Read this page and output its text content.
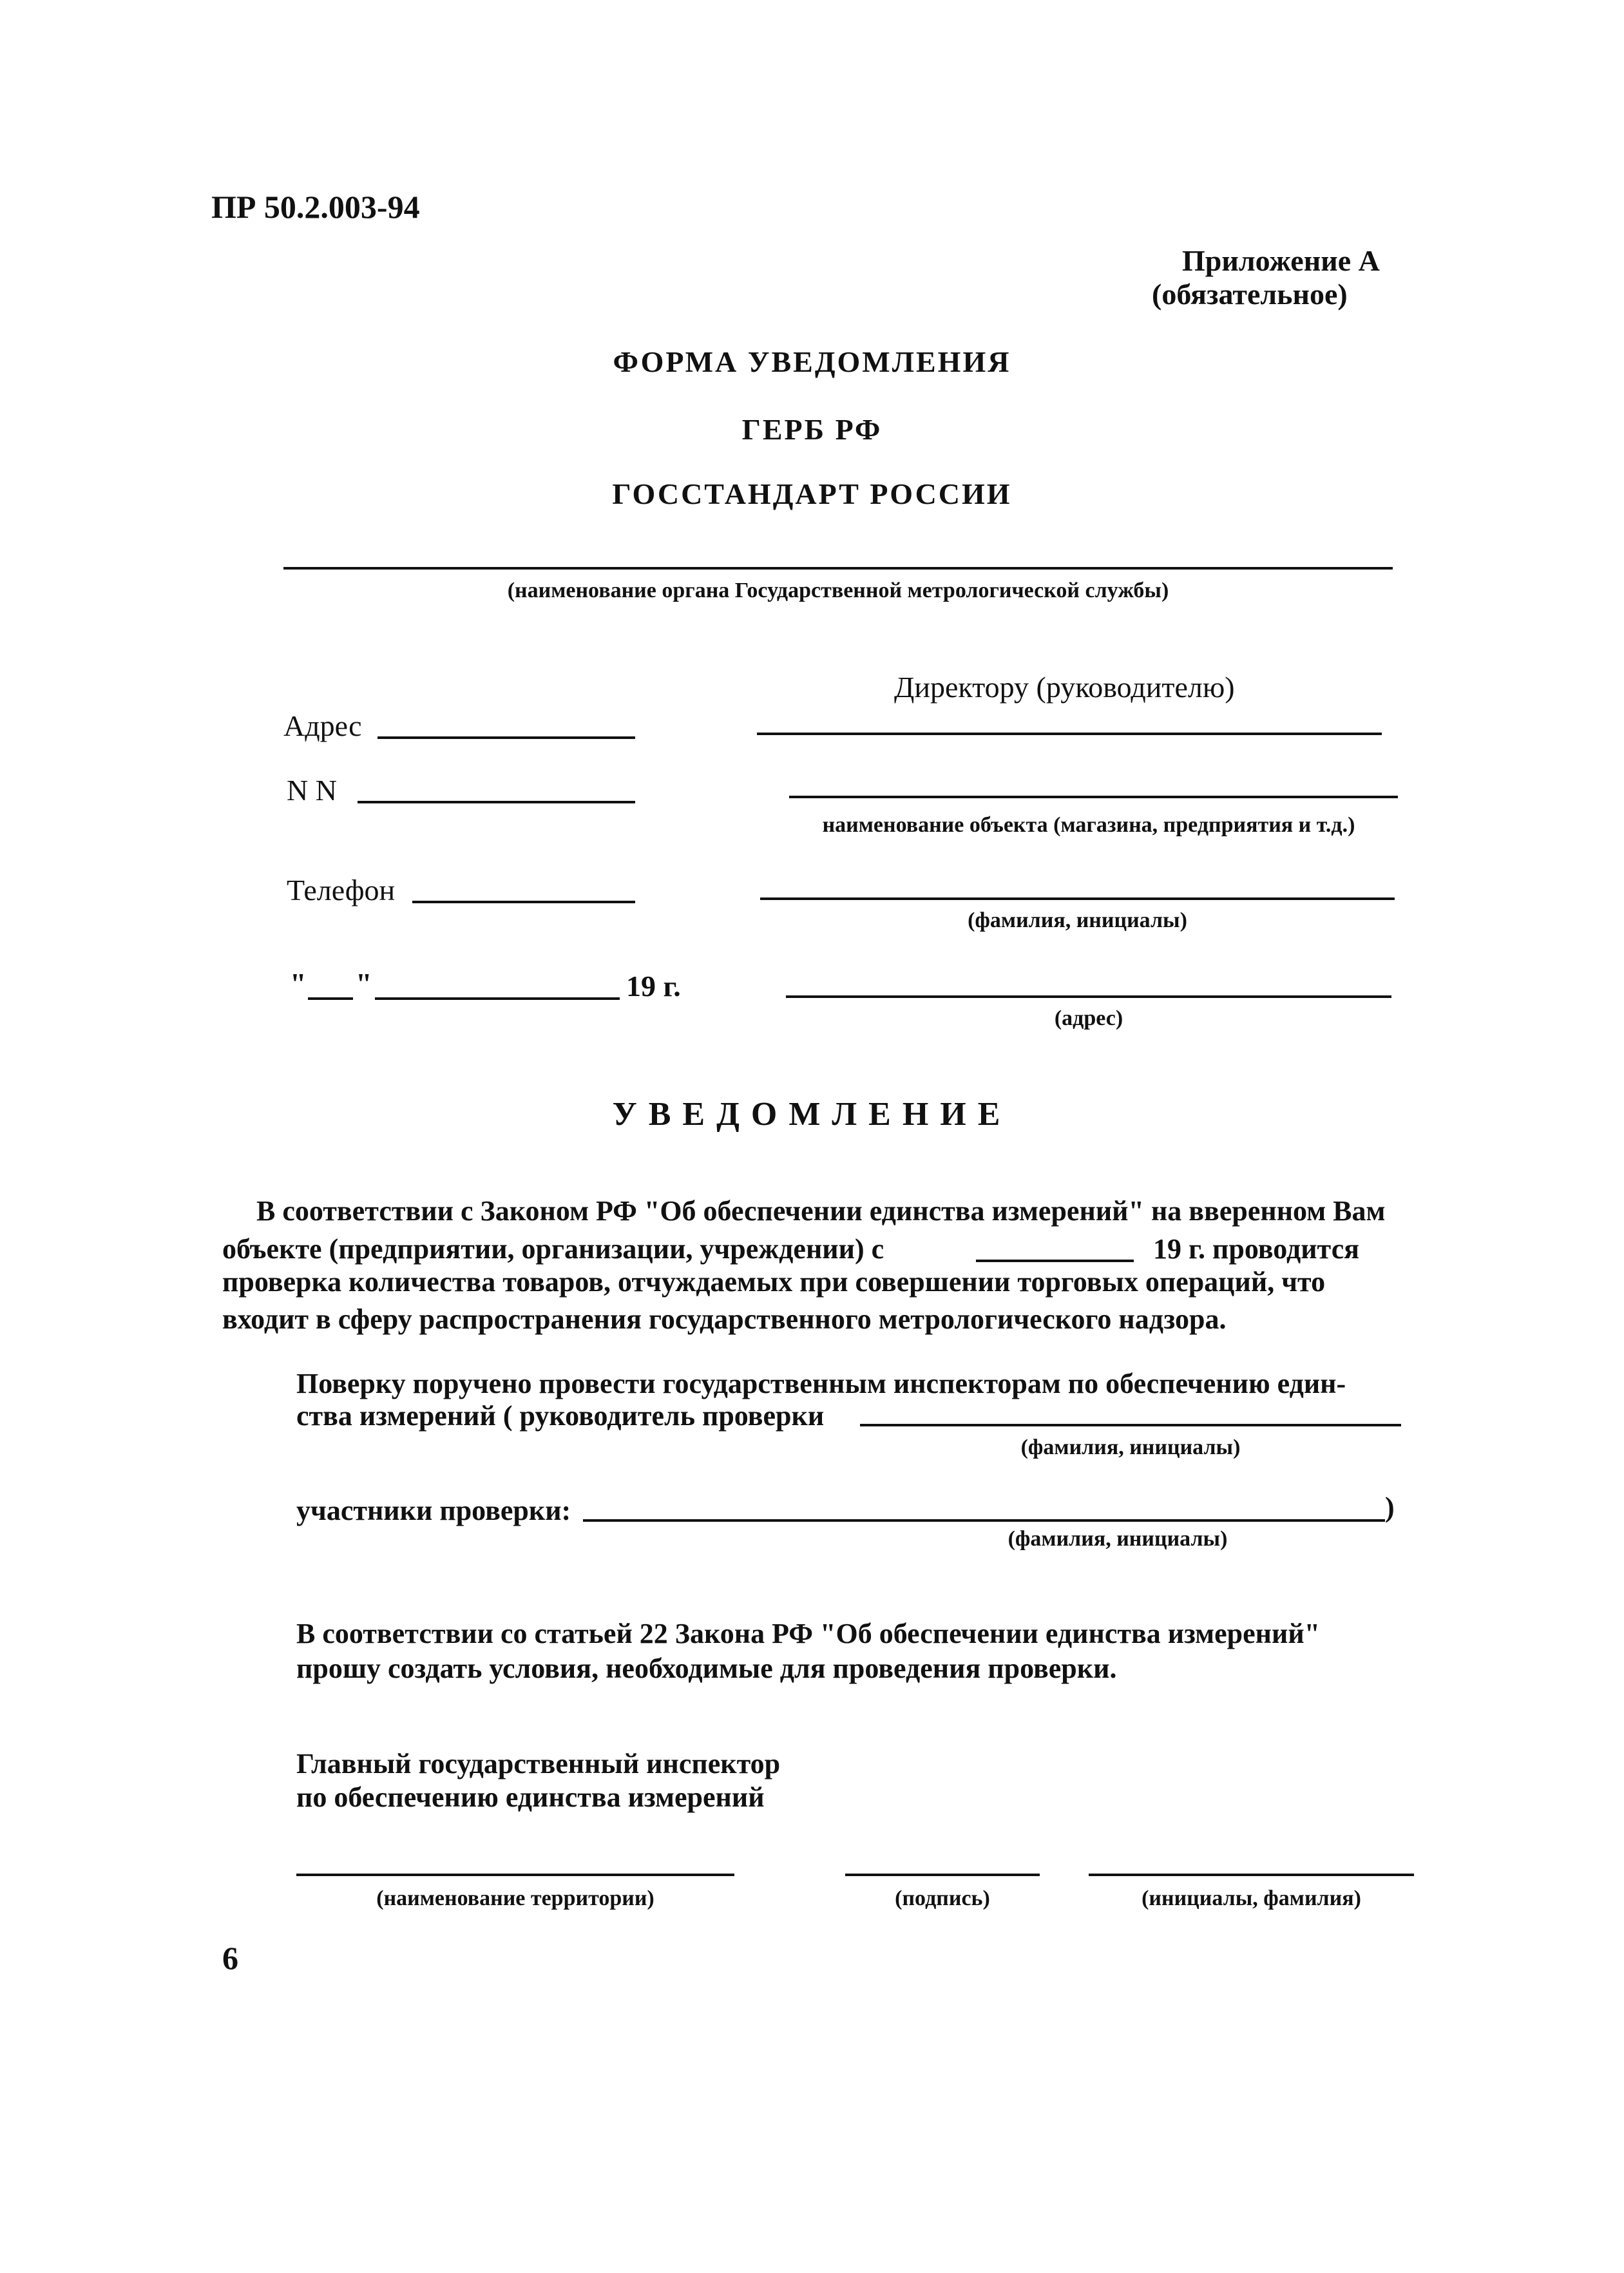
ПР 50.2.003-94
Приложение А
(обязательное)
ФОРМА УВЕДОМЛЕНИЯ
ГЕРБ РФ
ГОССТАНДАРТ РОССИИ
(наименование органа Государственной метрологической службы)
Адрес
N N
Телефон
" "	19 г.
Директору (руководителю)
наименование объекта (магазина, предприятия и т.д.)
(фамилия, инициалы)
(адрес)
УВЕДОМЛЕНИЕ
В соответствии с Законом РФ "Об обеспечении единства измерений" на вверенном Вам
объекте (предприятии, организации, учреждении) с	19 г. проводится
проверка количества товаров, отчуждаемых при совершении торговых операций, что
входит в сферу распространения государственного метрологического надзора.
Поверку поручено провести государственным инспекторам по обеспечению един-
ства измерений ( руководитель проверки
(фамилия, инициалы)
участники проверки:	)
(фамилия, инициалы)
В соответствии со статьей 22 Закона РФ "Об обеспечении единства измерений"
прошу создать условия, необходимые для проведения проверки.
Главный государственный инспектор
по обеспечению единства измерений
(наименование территории)	(подпись)	(инициалы, фамилия)
6
